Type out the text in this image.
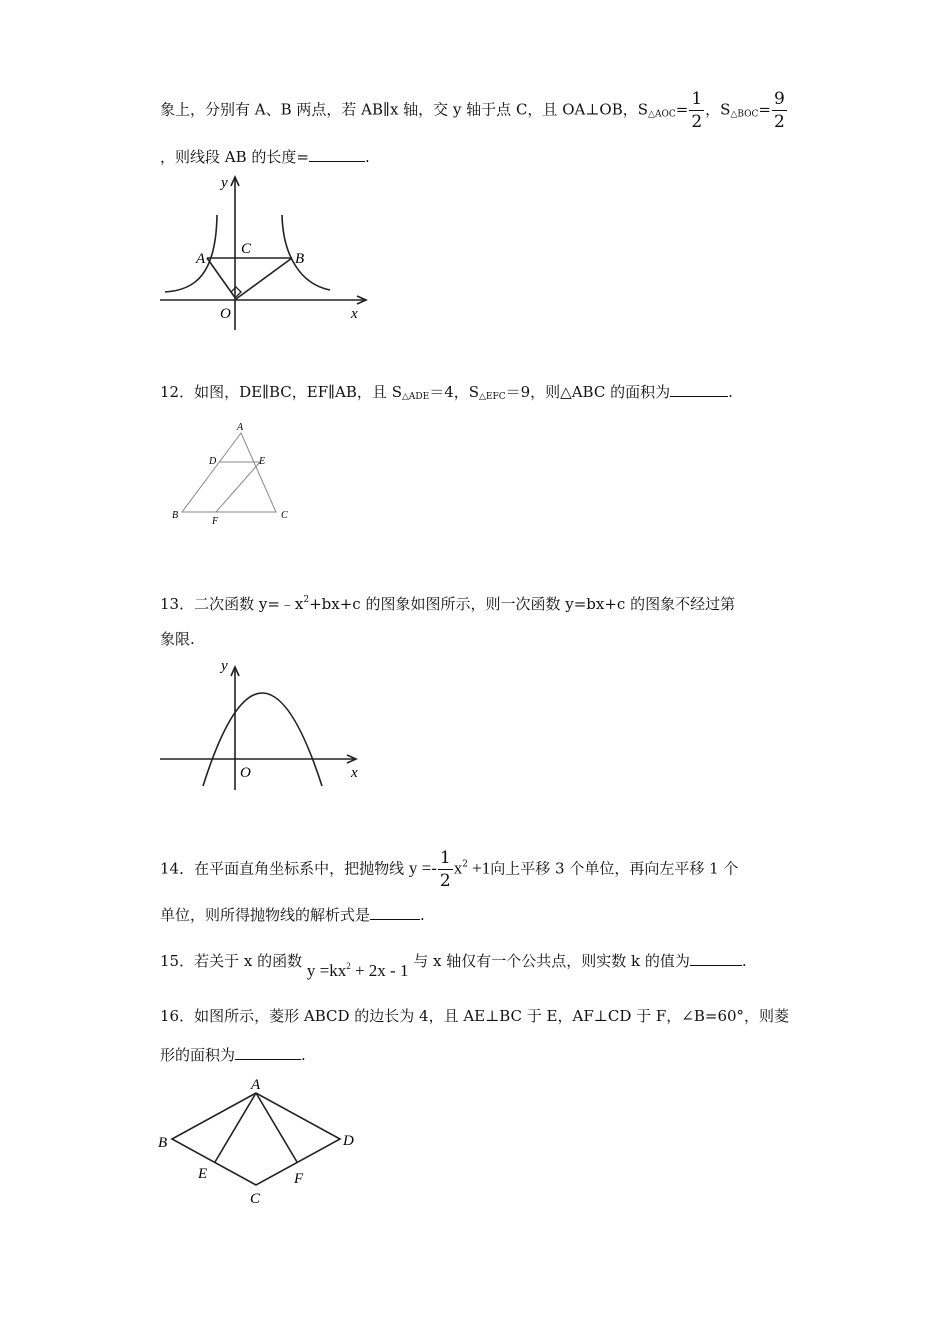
象上，分别有 A、B 两点，若 AB∥x 轴，交 y 轴于点 C，且 OA⊥OB，$S_{\triangle AOC}= \frac{1}{2}$ ，$S_{\triangle BOC}= \frac{9}{2}$
，则线段 AB 的长度=	.
y
x
O
A	B
C
12．如图，DE∥BC，EF∥AB，且 $S_{\triangle ADE}=4$，$S_{\triangle EFC}=9$，则△ABC 的面积为	.
A
D	E
B
F
C
13．二次函数 $y=﹣x^2+bx+c$ 的图象如图所示，则一次函数 y=bx+c 的图象不经过第
象限.
y
x
O
14．在平面直角坐标系中，把抛物线 $y =- \frac{1}{2} x^2 +1$向上平移 3 个单位，再向左平移 1 个
单位，则所得抛物线的解析式是	.
15．若关于 x 的函数 $y =kx^2 + 2x - 1$ 与 x 轴仅有一个公共点，则实数 k 的值为	.
16．如图所示，菱形 ABCD 的边长为 4，且 AE⊥BC 于 E，AF⊥CD 于 F，∠B=60°，则菱
形的面积为	.
A
B	D
E	F
C
